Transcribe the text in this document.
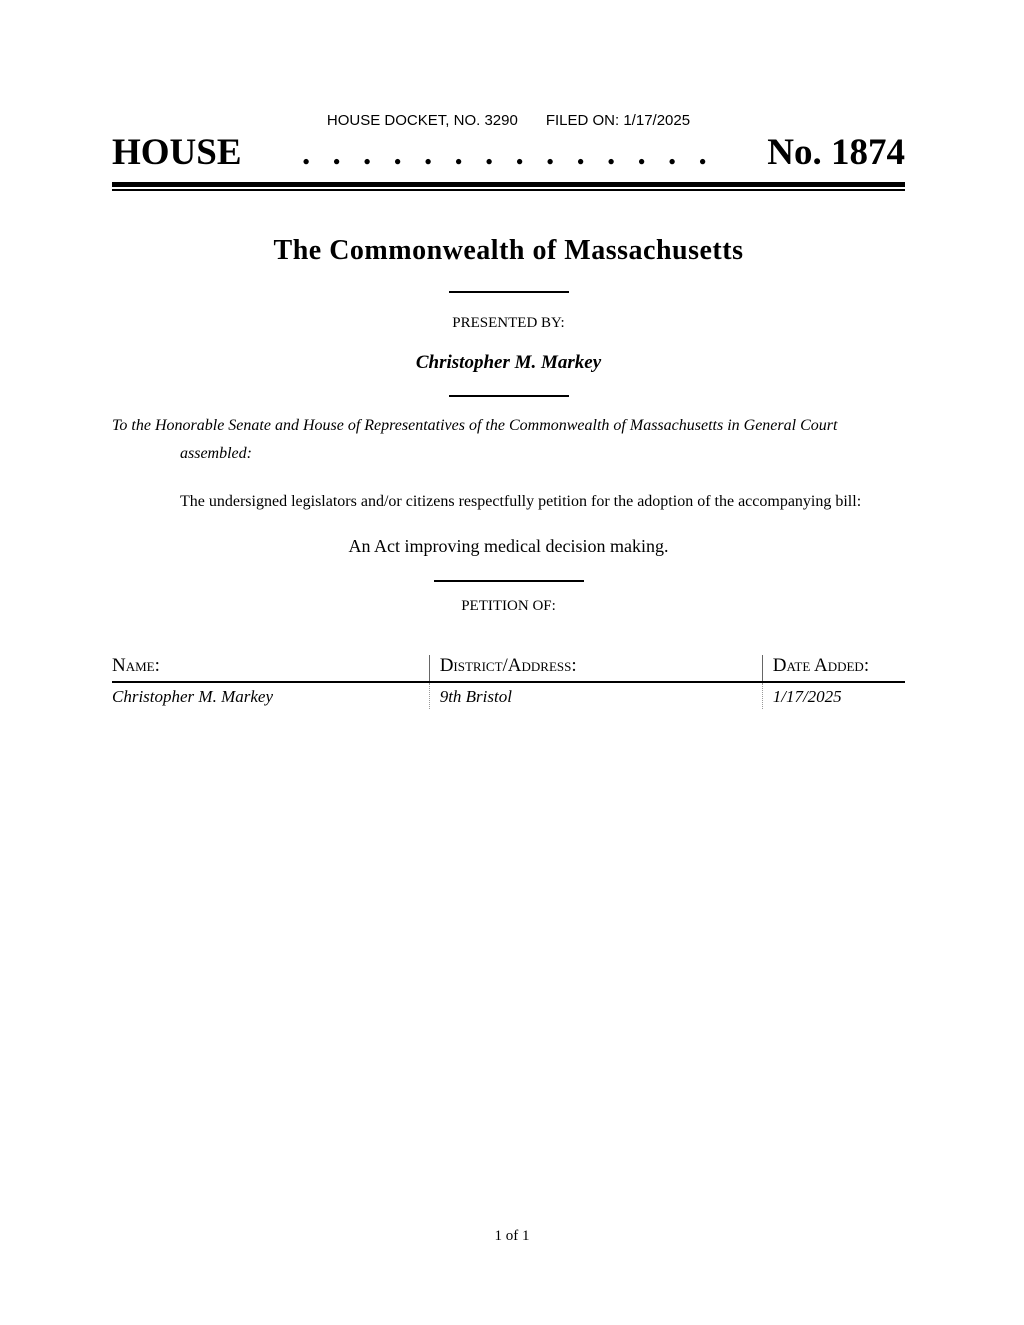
HOUSE DOCKET, NO. 3290 FILED ON: 1/17/2025
HOUSE	. . . . . . . . . . . . . .	No. 1874
The Commonwealth of Massachusetts
PRESENTED BY:
Christopher M. Markey

To the Honorable Senate and House of Representatives of the Commonwealth of Massachusetts in General Court assembled:

The undersigned legislators and/or citizens respectfully petition for the adoption of the accompanying bill:

An Act improving medical decision making.
PETITION OF:
Name:	District/Address:	Date Added:
Christopher M. Markey	9th Bristol	1/17/2025
1 of 1
